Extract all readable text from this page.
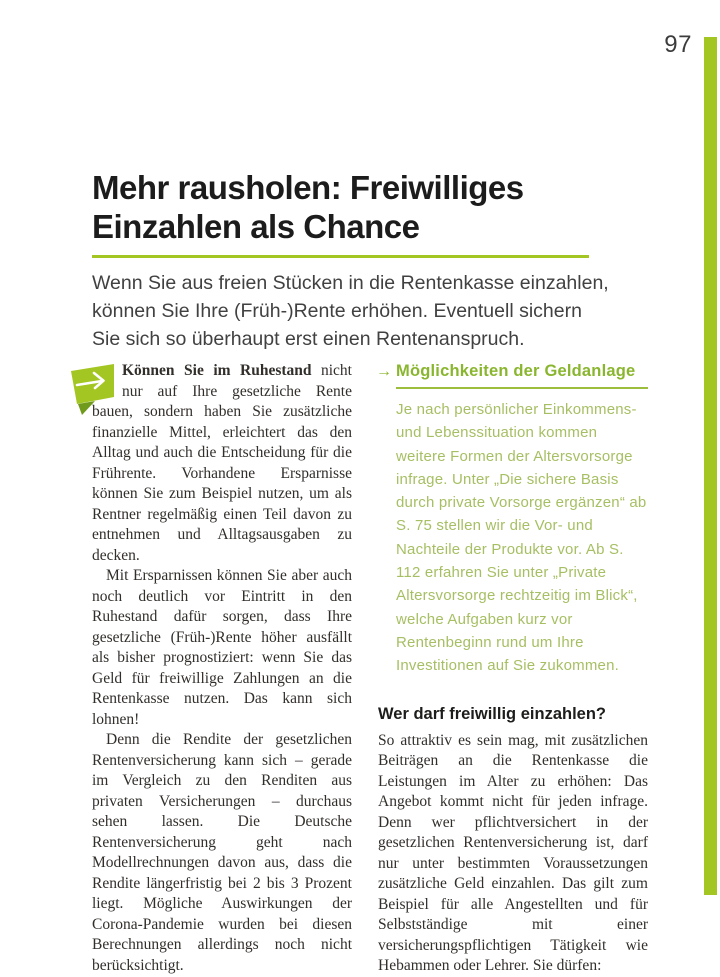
97
Mehr rausholen: Freiwilliges Einzahlen als Chance

Wenn Sie aus freien Stücken in die Rentenkasse einzahlen, können Sie Ihre (Früh-)Rente erhöhen. Eventuell sichern Sie sich so überhaupt erst einen Rentenanspruch.

Können Sie im Ruhestand nicht nur auf Ihre gesetzliche Rente bauen, sondern haben Sie zusätzliche finanzielle Mittel, erleichtert das den Alltag und auch die Entscheidung für die Frührente. Vorhandene Ersparnisse können Sie zum Beispiel nutzen, um als Rentner regelmäßig einen Teil davon zu entnehmen und Alltagsausgaben zu decken.

Mit Ersparnissen können Sie aber auch noch deutlich vor Eintritt in den Ruhestand dafür sorgen, dass Ihre gesetzliche (Früh-)Rente höher ausfällt als bisher prognostiziert: wenn Sie das Geld für freiwillige Zahlungen an die Rentenkasse nutzen. Das kann sich lohnen!

Denn die Rendite der gesetzlichen Rentenversicherung kann sich – gerade im Vergleich zu den Renditen aus privaten Versicherungen – durchaus sehen lassen. Die Deutsche Rentenversicherung geht nach Modellrechnungen davon aus, dass die Rendite längerfristig bei 2 bis 3 Prozent liegt. Mögliche Auswirkungen der Corona-Pandemie wurden bei diesen Berechnungen allerdings noch nicht berücksichtigt.

→ Möglichkeiten der Geldanlage

Je nach persönlicher Einkommens- und Lebenssituation kommen weitere Formen der Altersvorsorge infrage. Unter „Die sichere Basis durch private Vorsorge ergänzen“ ab S. 75 stellen wir die Vor- und Nachteile der Produkte vor. Ab S. 112 erfahren Sie unter „Private Altersvorsorge rechtzeitig im Blick“, welche Aufgaben kurz vor Rentenbeginn rund um Ihre Investitionen auf Sie zukommen.

Wer darf freiwillig einzahlen?

So attraktiv es sein mag, mit zusätzlichen Beiträgen an die Rentenkasse die Leistungen im Alter zu erhöhen: Das Angebot kommt nicht für jeden infrage. Denn wer pflichtversichert in der gesetzlichen Rentenversicherung ist, darf nur unter bestimmten Voraussetzungen zusätzliche Geld einzahlen. Das gilt zum Beispiel für alle Angestellten und für Selbstständige mit einer versicherungspflichtigen Tätigkeit wie Hebammen oder Lehrer. Sie dürfen:
